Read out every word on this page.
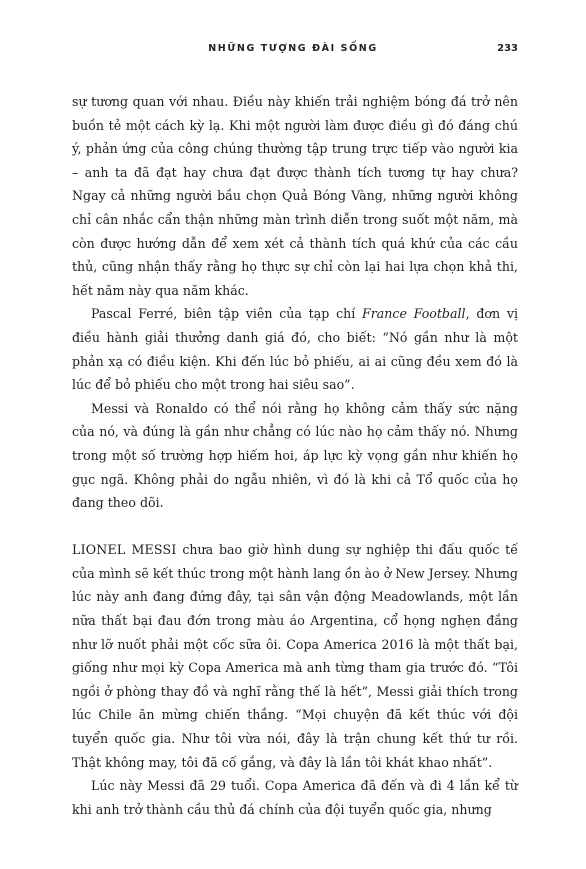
NHỮNG TƯỢNG ĐÀI SỐNG	233

sự tương quan với nhau. Điều này khiến trải nghiệm bóng đá trở nên buồn tẻ một cách kỳ lạ. Khi một người làm được điều gì đó đáng chú ý, phản ứng của công chúng thường tập trung trực tiếp vào người kia – anh ta đã đạt hay chưa đạt được thành tích tương tự hay chưa? Ngay cả những người bầu chọn Quả Bóng Vàng, những người không chỉ cân nhắc cẩn thận những màn trình diễn trong suốt một năm, mà còn được hướng dẫn để xem xét cả thành tích quá khứ của các cầu thủ, cũng nhận thấy rằng họ thực sự chỉ còn lại hai lựa chọn khả thi, hết năm này qua năm khác.

Pascal Ferré, biên tập viên của tạp chí France Football, đơn vị điều hành giải thưởng danh giá đó, cho biết: “Nó gần như là một phản xạ có điều kiện. Khi đến lúc bỏ phiếu, ai ai cũng đều xem đó là lúc để bỏ phiếu cho một trong hai siêu sao”.

Messi và Ronaldo có thể nói rằng họ không cảm thấy sức nặng của nó, và đúng là gần như chẳng có lúc nào họ cảm thấy nó. Nhưng trong một số trường hợp hiếm hoi, áp lực kỳ vọng gần như khiến họ gục ngã. Không phải do ngẫu nhiên, vì đó là khi cả Tổ quốc của họ đang theo dõi.

LIONEL MESSI chưa bao giờ hình dung sự nghiệp thi đấu quốc tế của mình sẽ kết thúc trong một hành lang ồn ào ở New Jersey. Nhưng lúc này anh đang đứng đây, tại sân vận động Meadowlands, một lần nữa thất bại đau đớn trong màu áo Argentina, cổ họng nghẹn đắng như lỡ nuốt phải một cốc sữa ôi. Copa America 2016 là một thất bại, giống như mọi kỳ Copa America mà anh từng tham gia trước đó. “Tôi ngồi ở phòng thay đồ và nghĩ rằng thế là hết”, Messi giải thích trong lúc Chile ăn mừng chiến thắng. “Mọi chuyện đã kết thúc với đội tuyển quốc gia. Như tôi vừa nói, đây là trận chung kết thứ tư rồi. Thật không may, tôi đã cố gắng, và đây là lần tôi khát khao nhất”.

Lúc này Messi đã 29 tuổi. Copa America đã đến và đi 4 lần kể từ khi anh trở thành cầu thủ đá chính của đội tuyển quốc gia, nhưng
